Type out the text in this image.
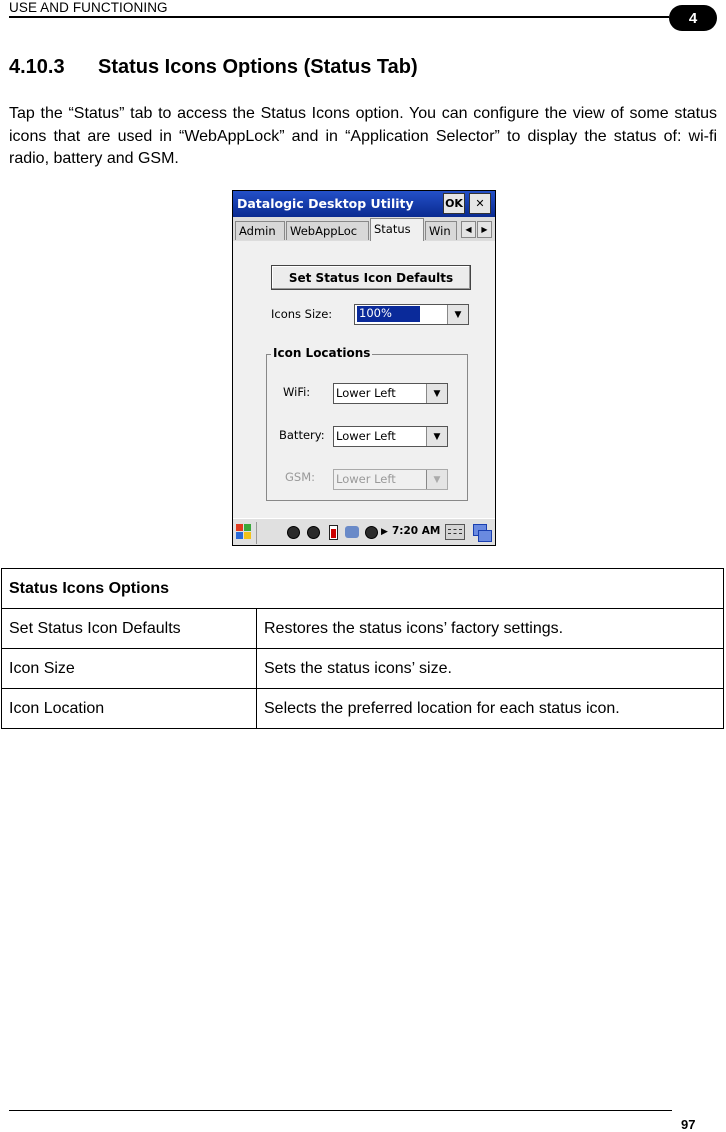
USE AND FUNCTIONING
4
4.10.3 Status Icons Options (Status Tab)

Tap the “Status” tab to access the Status Icons option. You can configure the view of some status icons that are used in “WebAppLock” and in “Application Selector” to display the status of: wi-fi radio, battery and GSM.

Datalogic Desktop Utility	OK	✕
Admin	WebAppLoc	Status	Win	◀	▶
Set Status Icon Defaults
Icons Size: 100%	▼
Icon Locations
WiFi: Lower Left	▼
Battery: Lower Left	▼
GSM: Lower Left	▼
▶ 7:20 AM
Status Icons Options	
Set Status Icon Defaults	Restores the status icons’ factory settings.
Icon Size	Sets the status icons’ size.
Icon Location	Selects the preferred location for each status icon.
97
